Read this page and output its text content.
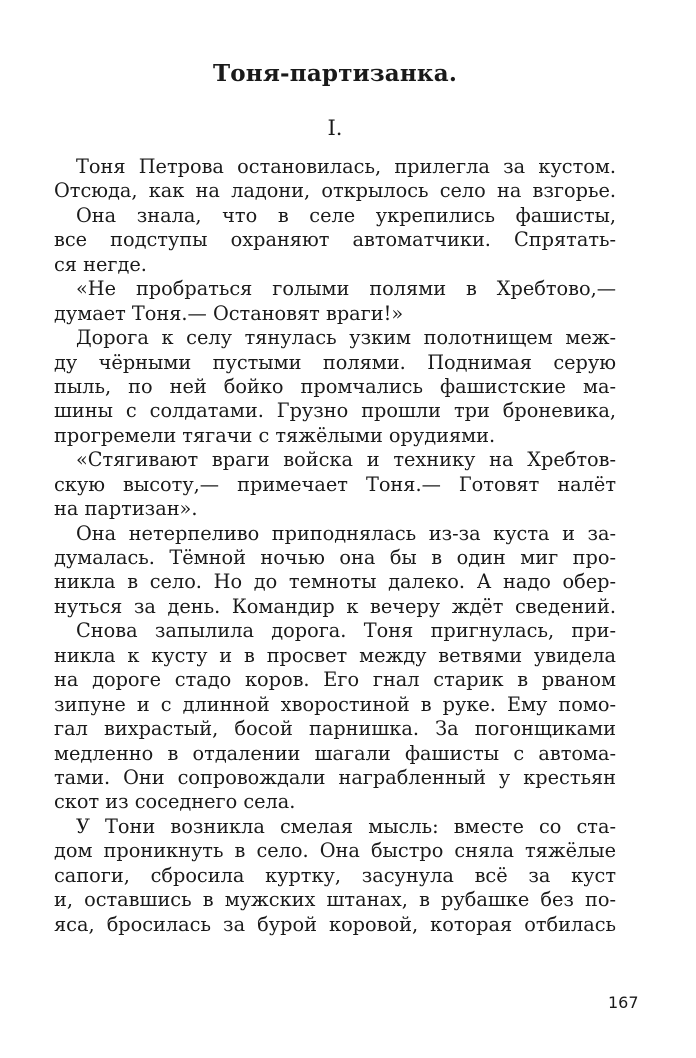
Тоня-партизанка.
I.
Тоня Петрова остановилась, прилегла за кустом.
Отсюда, как на ладони, открылось село на взгорье.
Она знала, что в селе укрепились фашисты,
все подступы охраняют автоматчики. Спрятать-
ся негде.
«Не пробраться голыми полями в Хребтово,—
думает Тоня.— Остановят враги!»
Дорога к селу тянулась узким полотнищем меж-
ду чёрными пустыми полями. Поднимая серую
пыль, по ней бойко промчались фашистские ма-
шины с солдатами. Грузно прошли три броневика,
прогремели тягачи с тяжёлыми орудиями.
«Стягивают враги войска и технику на Хребтов-
скую высоту,— примечает Тоня.— Готовят налёт
на партизан».
Она нетерпеливо приподнялась из-за куста и за-
думалась. Тёмной ночью она бы в один миг про-
никла в село. Но до темноты далеко. А надо обер-
нуться за день. Командир к вечеру ждёт сведений.
Снова запылила дорога. Тоня пригнулась, при-
никла к кусту и в просвет между ветвями увидела
на дороге стадо коров. Его гнал старик в рваном
зипуне и с длинной хворостиной в руке. Ему помо-
гал вихрастый, босой парнишка. За погонщиками
медленно в отдалении шагали фашисты с автома-
тами. Они сопровождали награбленный у крестьян
скот из соседнего села.
У Тони возникла смелая мысль: вместе со ста-
дом проникнуть в село. Она быстро сняла тяжёлые
сапоги, сбросила куртку, засунула всё за куст
и, оставшись в мужских штанах, в рубашке без по-
яса, бросилась за бурой коровой, которая отбилась
167
